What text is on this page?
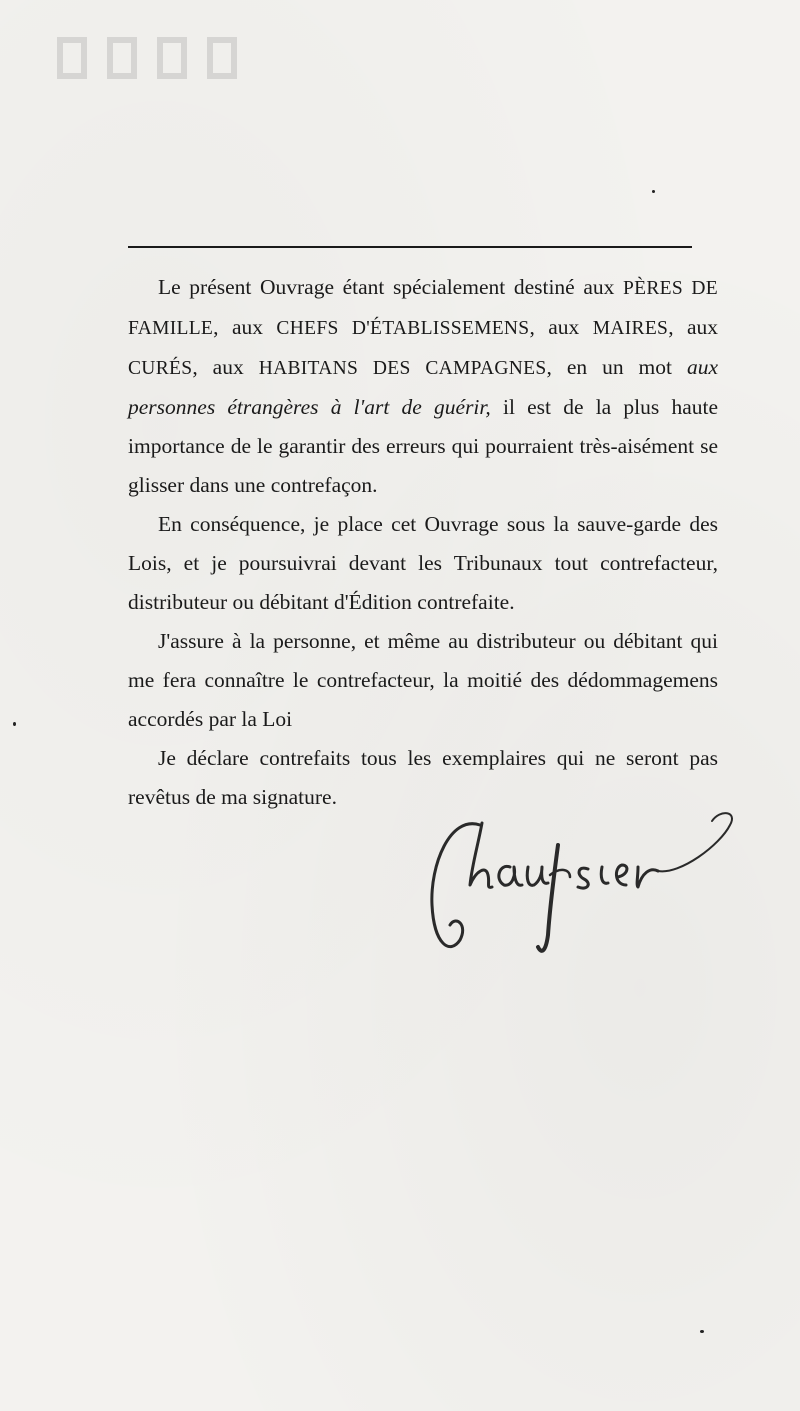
Le présent Ouvrage étant spécialement destiné aux PÈRES DE FAMILLE, aux CHEFS D'ÉTABLISSEMENS, aux MAIRES, aux CURÉS, aux HABITANS DES CAMPAGNES, en un mot aux personnes étrangères à l'art de guérir, il est de la plus haute importance de le garantir des erreurs qui pourraient très-aisément se glisser dans une contrefaçon.

En conséquence, je place cet Ouvrage sous la sauve-garde des Lois, et je poursuivrai devant les Tribunaux tout contrefacteur, distributeur ou débitant d'Édition contrefaite.

J'assure à la personne, et même au distributeur ou débitant qui me fera connaître le contrefacteur, la moitié des dédommagemens accordés par la Loi

Je déclare contrefaits tous les exemplaires qui ne seront pas revêtus de ma signature.
